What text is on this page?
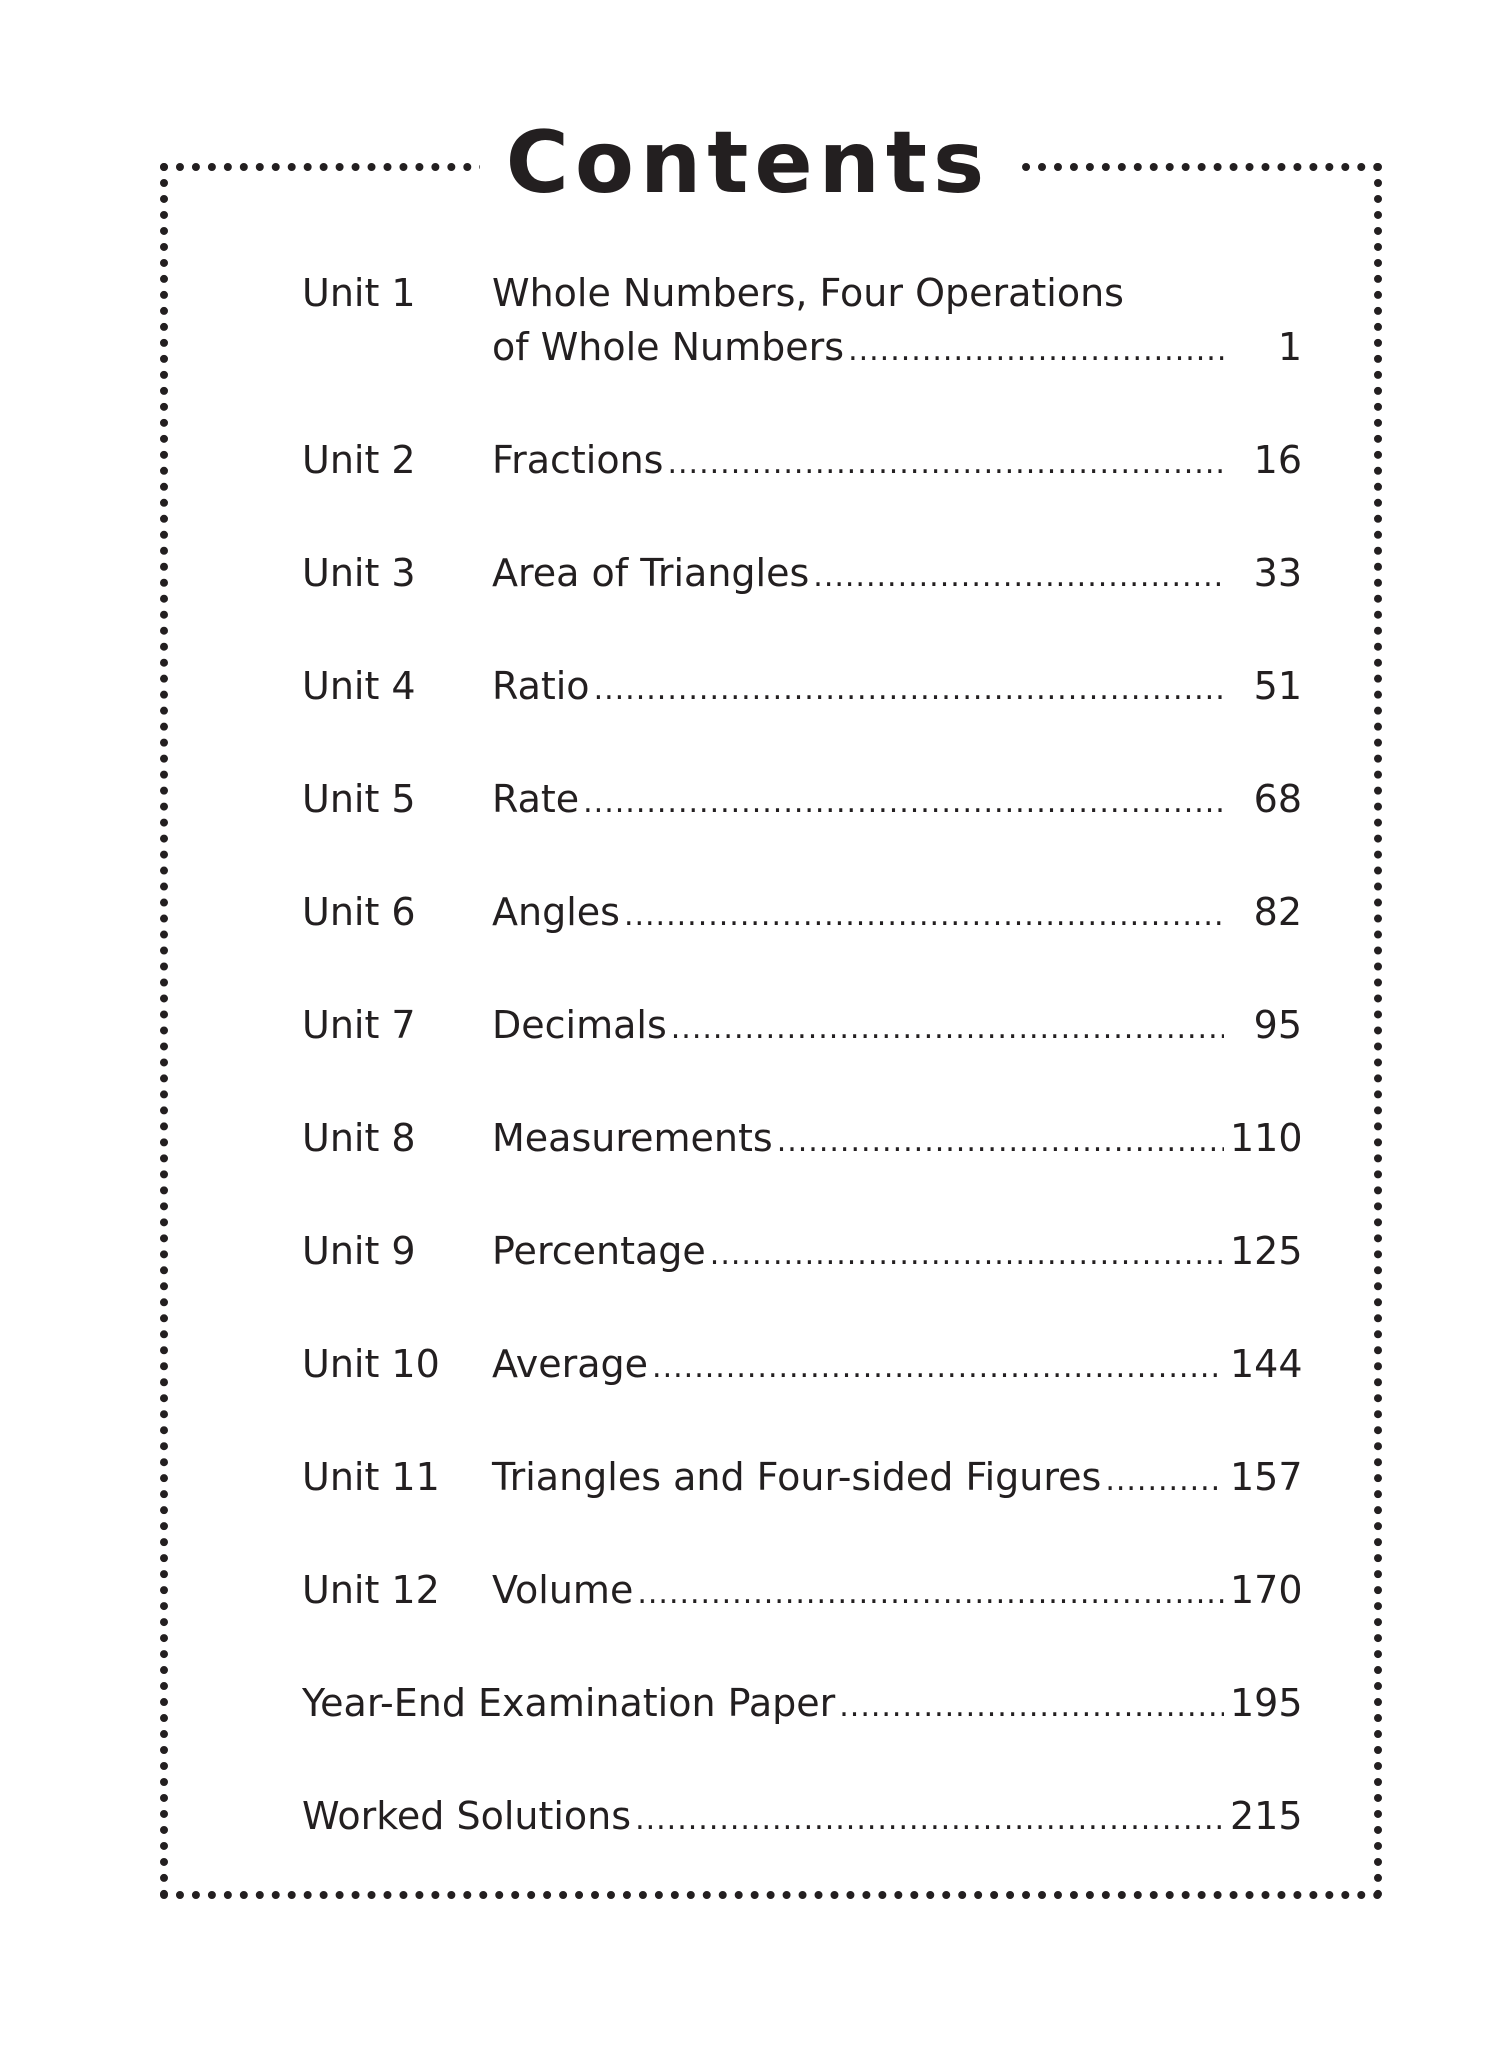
Contents
Unit 1 Whole Numbers, Four Operations
of Whole Numbers .....	1
Unit 2 Fractions .....	16
Unit 3 Area of Triangles .....	33
Unit 4 Ratio .....	51
Unit 5 Rate .....	68
Unit 6 Angles .....	82
Unit 7 Decimals .....	95
Unit 8 Measurements .....	110
Unit 9 Percentage .....	125
Unit 10 Average .....	144
Unit 11 Triangles and Four-sided Figures .....	157
Unit 12 Volume .....	170
Year-End Examination Paper .....	195
Worked Solutions .....	215
